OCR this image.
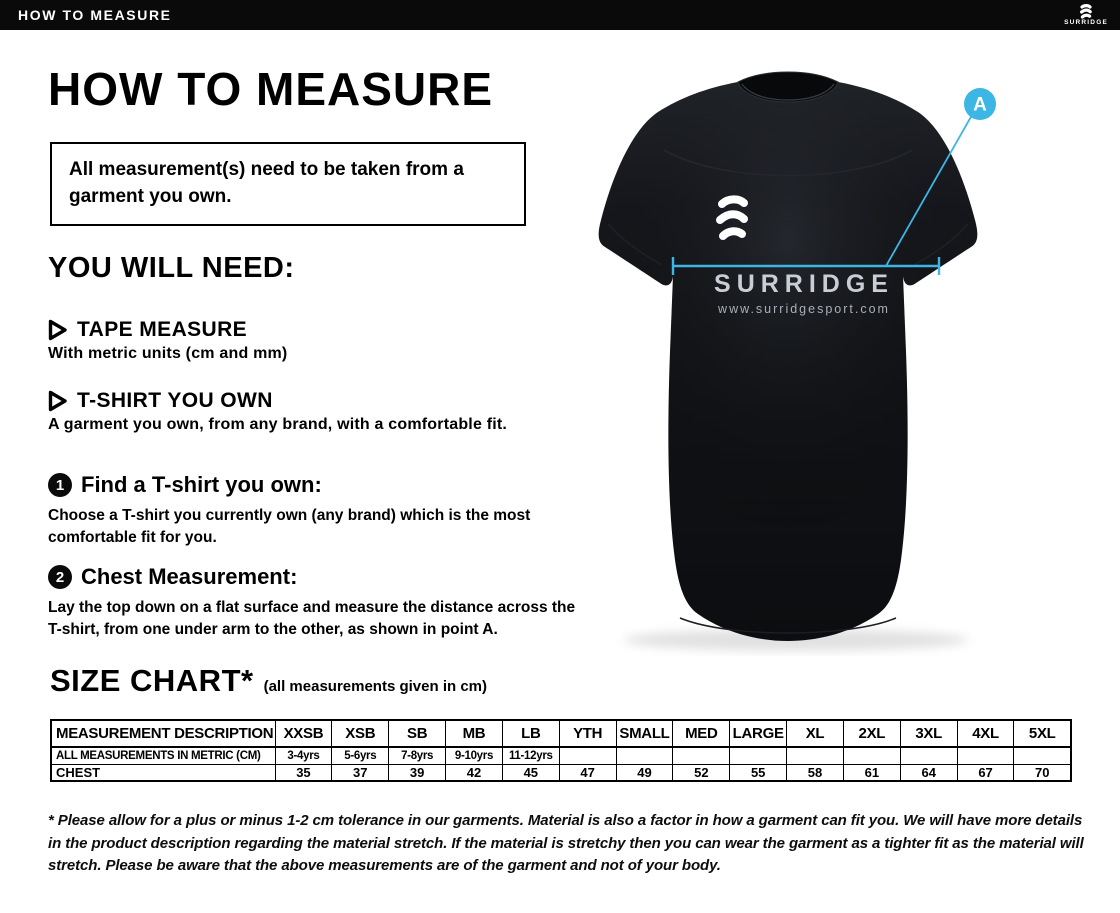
HOW TO MEASURE	SURRIDGE
HOW TO MEASURE
All measurement(s) need to be taken from a garment you own.
YOU WILL NEED:
TAPE MEASURE
With metric units (cm and mm)
T-SHIRT YOU OWN
A garment you own, from any brand, with a comfortable fit.
1 Find a T-shirt you own:
Choose a T-shirt you currently own (any brand) which is the most comfortable fit for you.
2 Chest Measurement:
Lay the top down on a flat surface and measure the distance across the T-shirt, from one under arm to the other, as shown in point A.
SIZE CHART* (all measurements given in cm)
MEASUREMENT DESCRIPTION	XXSB	XSB	SB	MB	LB	YTH	SMALL	MED	LARGE	XL	2XL	3XL	4XL	5XL
ALL MEASUREMENTS IN METRIC (CM)	3-4yrs	5-6yrs	7-8yrs	9-10yrs	11-12yrs									
CHEST	35	37	39	42	45	47	49	52	55	58	61	64	67	70
* Please allow for a plus or minus 1-2 cm tolerance in our garments. Material is also a factor in how a garment can fit you. We will have more details in the product description regarding the material stretch. If the material is stretchy then you can wear the garment as a tighter fit as the material will stretch. Please be aware that the above measurements are of the garment and not of your body.
SURRIDGE
www.surridgesport.com
A
